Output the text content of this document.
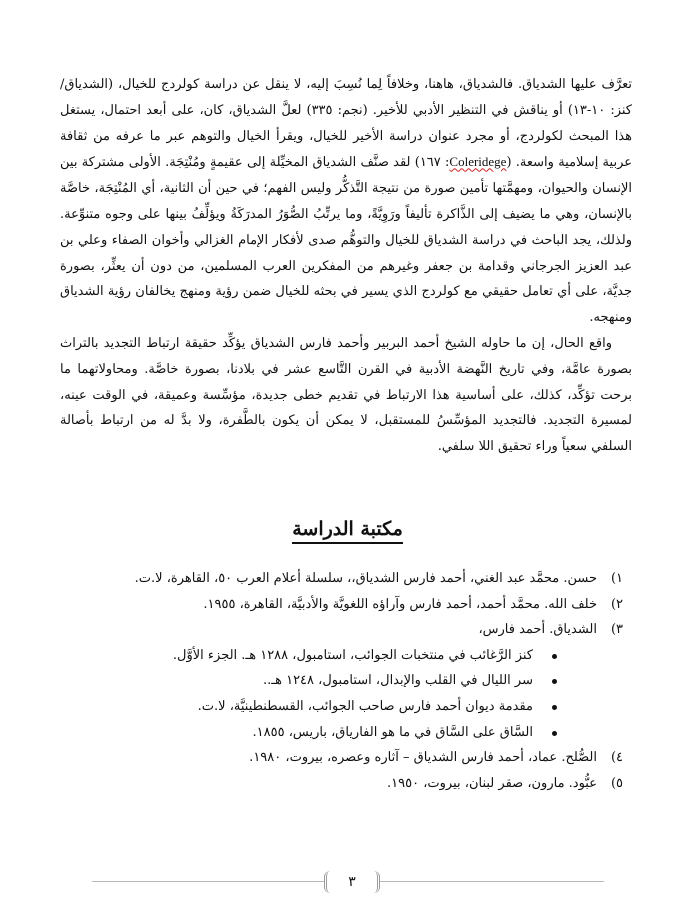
تعرَّف عليها الشدياق. فالشدياق، هاهنا، وخلافاً لِما نُسِبَ إليه، لا ينقل عن دراسة كولردج للخيال، (الشدياق/كنز: ١٠-١٣) أو يناقش في التنظير الأدبي للأخير. (نجم: ٣٣٥) لعلَّ الشدياق، كان، على أبعد احتمال، يستغل هذا المبحث لكولردج، أو مجرد عنوان دراسة الأخير للخيال، ويقرأ الخيال والتوهم عبر ما عرفه من ثقافة عربية إسلامية واسعة. (Coleridege: ١٦٧) لقد صنَّف الشدياق المخيِّلة إلى عقيمةٍ ومُنْتِجَة. الأولى مشتركة بين الإنسان والحيوان، ومهمَّتها تأمين صورة من نتيجة التَّذكُّر وليس الفهم؛ في حين أن الثانية، أي المُنْتِجَة، خاصَّة بالإنسان، وهي ما يضيف إلى الذَّاكرة تأليفاً ورَوِيَّةً، وما يرتِّبُ الصُّوَرُ المدرَكَةُ ويؤلِّفُ بينها على وجوه متنوِّعة. ولذلك، يجد الباحث في دراسة الشدياق للخيال والتوهُّم صدى لأفكار الإمام الغزالي وأخوان الصفاء وعلي بن عبد العزيز الجرجاني وقدامة بن جعفر وغيرهم من المفكرين العرب المسلمين، من دون أن يعثِّر، بصورة جديَّة، على أي تعامل حقيقي مع كولردج الذي يسير في بحثه للخيال ضمن رؤية ومنهج يخالفان رؤية الشدياق ومنهجه.

واقع الحال، إن ما حاوله الشيخ أحمد البربير وأحمد فارس الشدياق يؤكِّد حقيقة ارتباط التجديد بالتراث بصورة عامَّة، وفي تاريخ النَّهضة الأدبية في القرن التَّاسع عشر في بلادنا، بصورة خاصَّة. ومحاولاتهما ما برحت تؤكِّد، كذلك، على أساسية هذا الارتباط في تقديم خطى جديدة، مؤسِّسة وعميقة، في الوقت عينه، لمسيرة التجديد. فالتجديد المؤسِّسُ للمستقبل، لا يمكن أن يكون بالطَّفرة، ولا بدَّ له من ارتباط بأصالة السلفي سعياً وراء تحقيق اللا سلفي.

مكتبة الدراسة
١)
حسن. محمَّد عبد الغني، أحمد فارس الشدياق،، سلسلة أعلام العرب ٥٠، القاهرة، لا.ت.
٢)
خلف الله. محمَّد أحمد، أحمد فارس وآراؤه اللغويَّة والأدبيَّة، القاهرة، ١٩٥٥.
٣)
الشدياق. أحمد فارس،
كنز الرَّغائب في منتخبات الجوائب، استامبول، ١٢٨٨ هـ. الجزء الأوَّل.
سر الليال في القلب والإبدال، استامبول، ١٢٤٨ هـ..
مقدمة ديوان أحمد فارس صاحب الجوائب، القسطنطينيَّة، لا.ت.
السَّاق على السَّاق في ما هو الفارياق، باريس، ١٨٥٥.
٤)
الصُّلح. عماد، أحمد فارس الشدياق – آثاره وعصره، بيروت، ١٩٨٠.
٥)
عبُّود. مارون، صقر لبنان، بيروت، ١٩٥٠.
٣
